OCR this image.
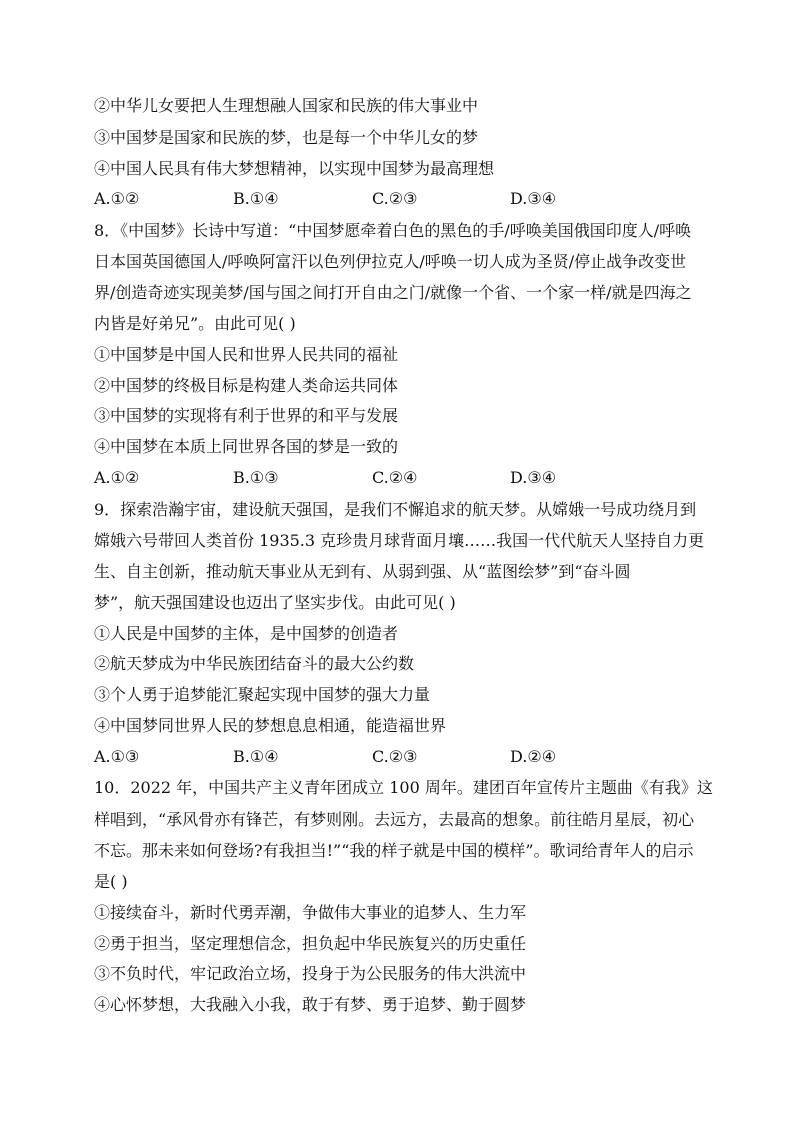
②中华儿女要把人生理想融人国家和民族的伟大事业中
③中国梦是国家和民族的梦，也是每一个中华儿女的梦
④中国人民具有伟大梦想精神，以实现中国梦为最高理想
A.①②	B.①④	C.②③	D.③④
8．《中国梦》长诗中写道：“中国梦愿牵着白色的黑色的手/呼唤美国俄国印度人/呼唤
日本国英国德国人/呼唤阿富汗以色列伊拉克人/呼唤一切人成为圣贤/停止战争改变世
界/创造奇迹实现美梦/国与国之间打开自由之门/就像一个省、一个家一样/就是四海之
内皆是好弟兄”。由此可见( )
①中国梦是中国人民和世界人民共同的福祉
②中国梦的终极目标是构建人类命运共同体
③中国梦的实现将有利于世界的和平与发展
④中国梦在本质上同世界各国的梦是一致的
A.①②	B.①③	C.②④	D.③④
9．探索浩瀚宇宙，建设航天强国，是我们不懈追求的航天梦。从嫦娥一号成功绕月到
嫦娥六号带回人类首份 1935.3 克珍贵月球背面月壤……我国一代代航天人坚持自力更
生、自主创新，推动航天事业从无到有、从弱到强、从“蓝图绘梦”到“奋斗圆
梦”，航天强国建设也迈出了坚实步伐。由此可见( )
①人民是中国梦的主体，是中国梦的创造者
②航天梦成为中华民族团结奋斗的最大公约数
③个人勇于追梦能汇聚起实现中国梦的强大力量
④中国梦同世界人民的梦想息息相通，能造福世界
A.①③	B.①④	C.②③	D.②④
10．2022 年，中国共产主义青年团成立 100 周年。建团百年宣传片主题曲《有我》这
样唱到，“承风骨亦有锋芒，有梦则刚。去远方，去最高的想象。前往皓月星辰，初心
不忘。那未来如何登场?有我担当!”“我的样子就是中国的模样”。歌词给青年人的启示
是( )
①接续奋斗，新时代勇弄潮，争做伟大事业的追梦人、生力军
②勇于担当，坚定理想信念，担负起中华民族复兴的历史重任
③不负时代，牢记政治立场，投身于为公民服务的伟大洪流中
④心怀梦想，大我融入小我，敢于有梦、勇于追梦、勤于圆梦
